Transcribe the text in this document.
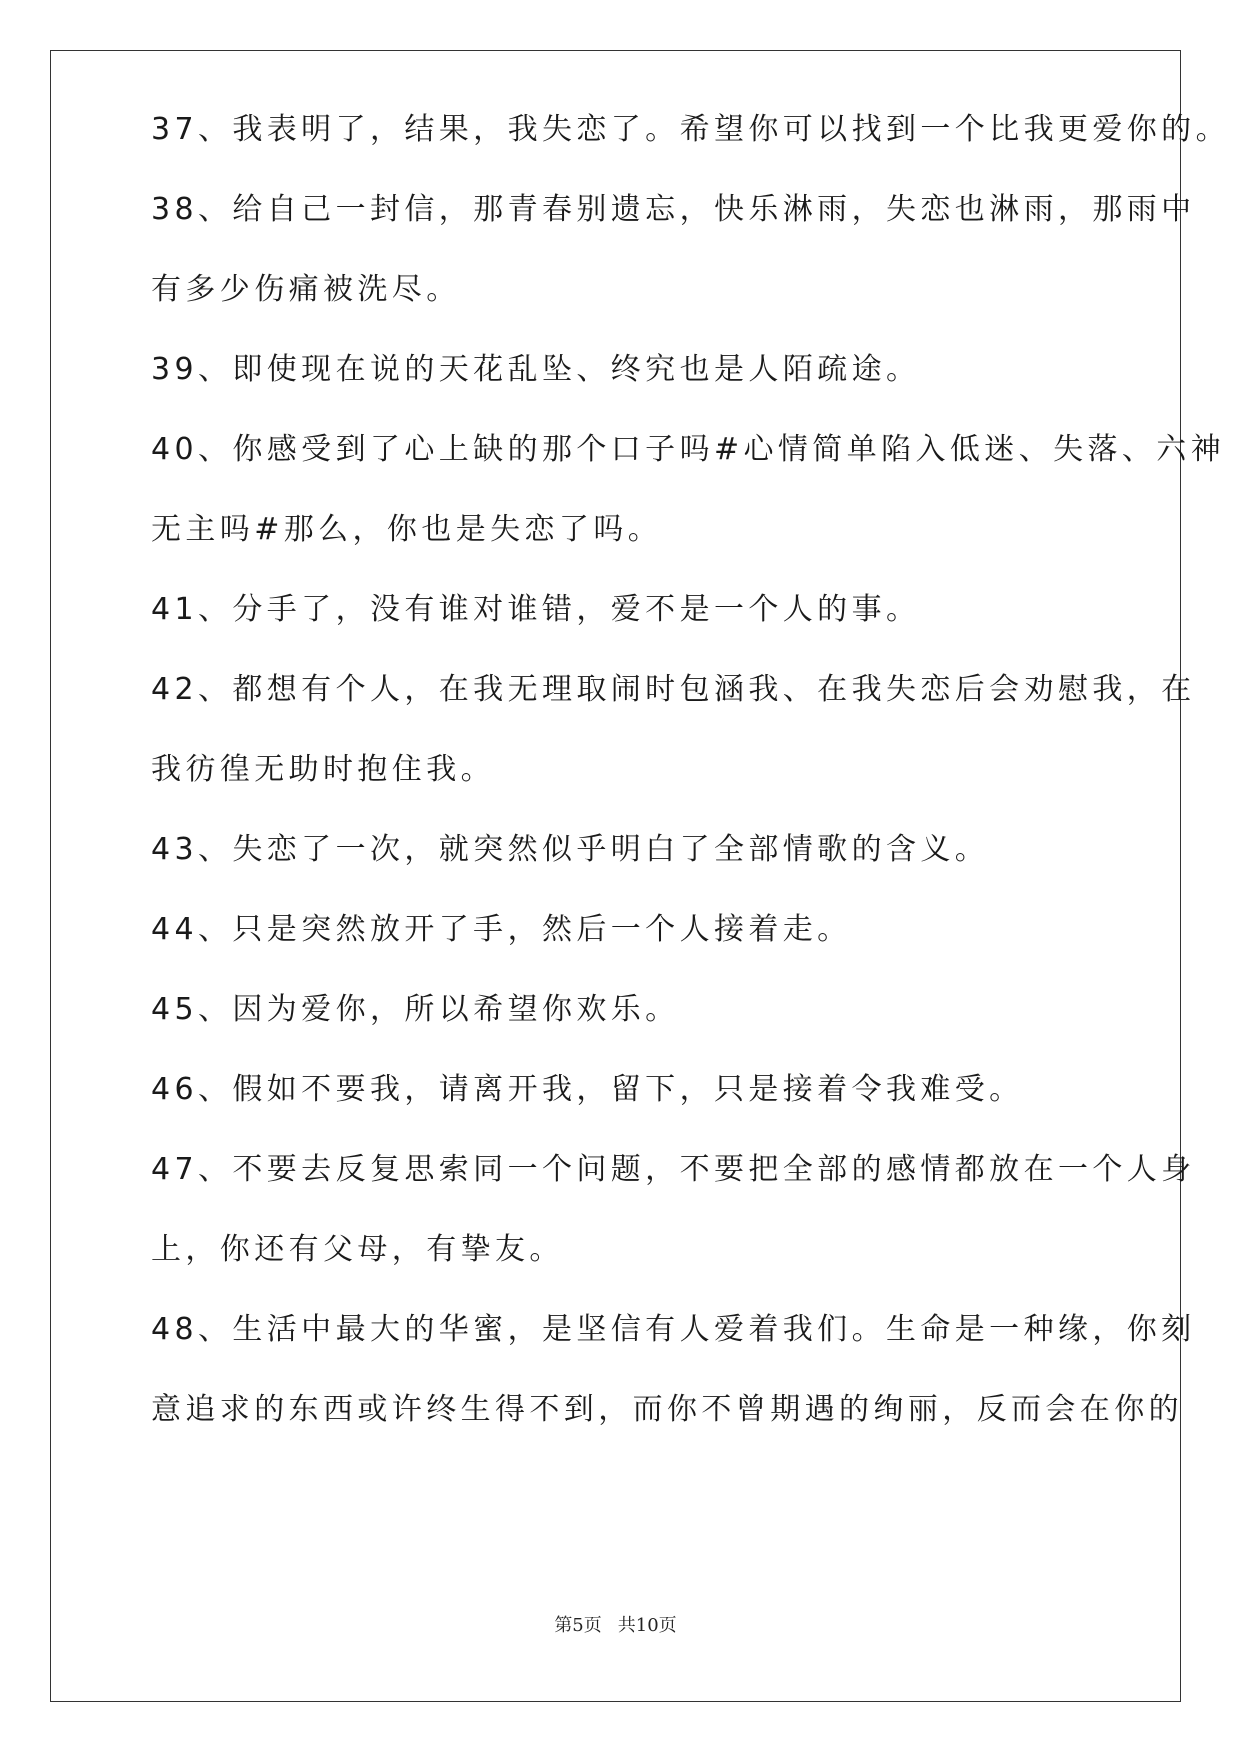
37、我表明了，结果，我失恋了。希望你可以找到一个比我更爱你的。
38、给自己一封信，那青春别遗忘，快乐淋雨，失恋也淋雨，那雨中
有多少伤痛被洗尽。
39、即使现在说的天花乱坠、终究也是人陌疏途。
40、你感受到了心上缺的那个口子吗#心情简单陷入低迷、失落、六神
无主吗#那么，你也是失恋了吗。
41、分手了，没有谁对谁错，爱不是一个人的事。
42、都想有个人，在我无理取闹时包涵我、在我失恋后会劝慰我，在
我彷徨无助时抱住我。
43、失恋了一次，就突然似乎明白了全部情歌的含义。
44、只是突然放开了手，然后一个人接着走。
45、因为爱你，所以希望你欢乐。
46、假如不要我，请离开我，留下，只是接着令我难受。
47、不要去反复思索同一个问题，不要把全部的感情都放在一个人身
上，你还有父母，有挚友。
48、生活中最大的华蜜，是坚信有人爱着我们。生命是一种缘，你刻
意追求的东西或许终生得不到，而你不曾期遇的绚丽，反而会在你的
第5页 共10页
